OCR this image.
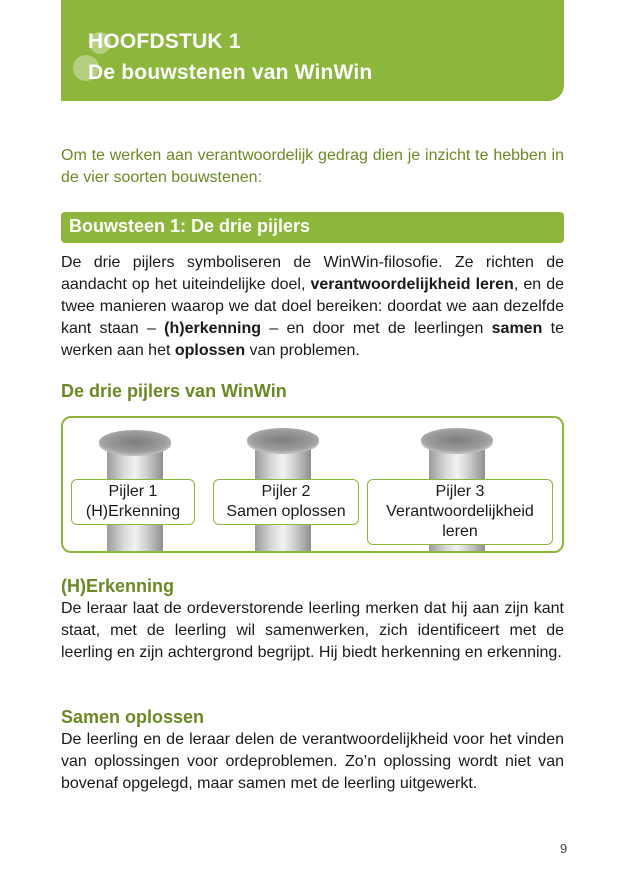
HOOFDSTUK 1
De bouwstenen van WinWin
Om te werken aan verantwoordelijk gedrag dien je inzicht te hebben in de vier soorten bouwstenen:
Bouwsteen 1: De drie pijlers
De drie pijlers symboliseren de WinWin-filosofie. Ze richten de aandacht op het uiteindelijke doel, verantwoordelijkheid leren, en de twee manieren waarop we dat doel bereiken: doordat we aan dezelfde kant staan – (h)erkenning – en door met de leerlingen samen te werken aan het oplossen van problemen.
De drie pijlers van WinWin
Pijler 1
(H)Erkenning
Pijler 2
Samen oplossen
Pijler 3
Verantwoordelijkheid
leren
(H)Erkenning
De leraar laat de ordeverstorende leerling merken dat hij aan zijn kant staat, met de leerling wil samenwerken, zich identificeert met de leerling en zijn achtergrond begrijpt. Hij biedt herkenning en erkenning.
Samen oplossen
De leerling en de leraar delen de verantwoordelijkheid voor het vinden van oplossingen voor ordeproblemen. Zo’n oplossing wordt niet van bovenaf opgelegd, maar samen met de leerling uitgewerkt.
9
